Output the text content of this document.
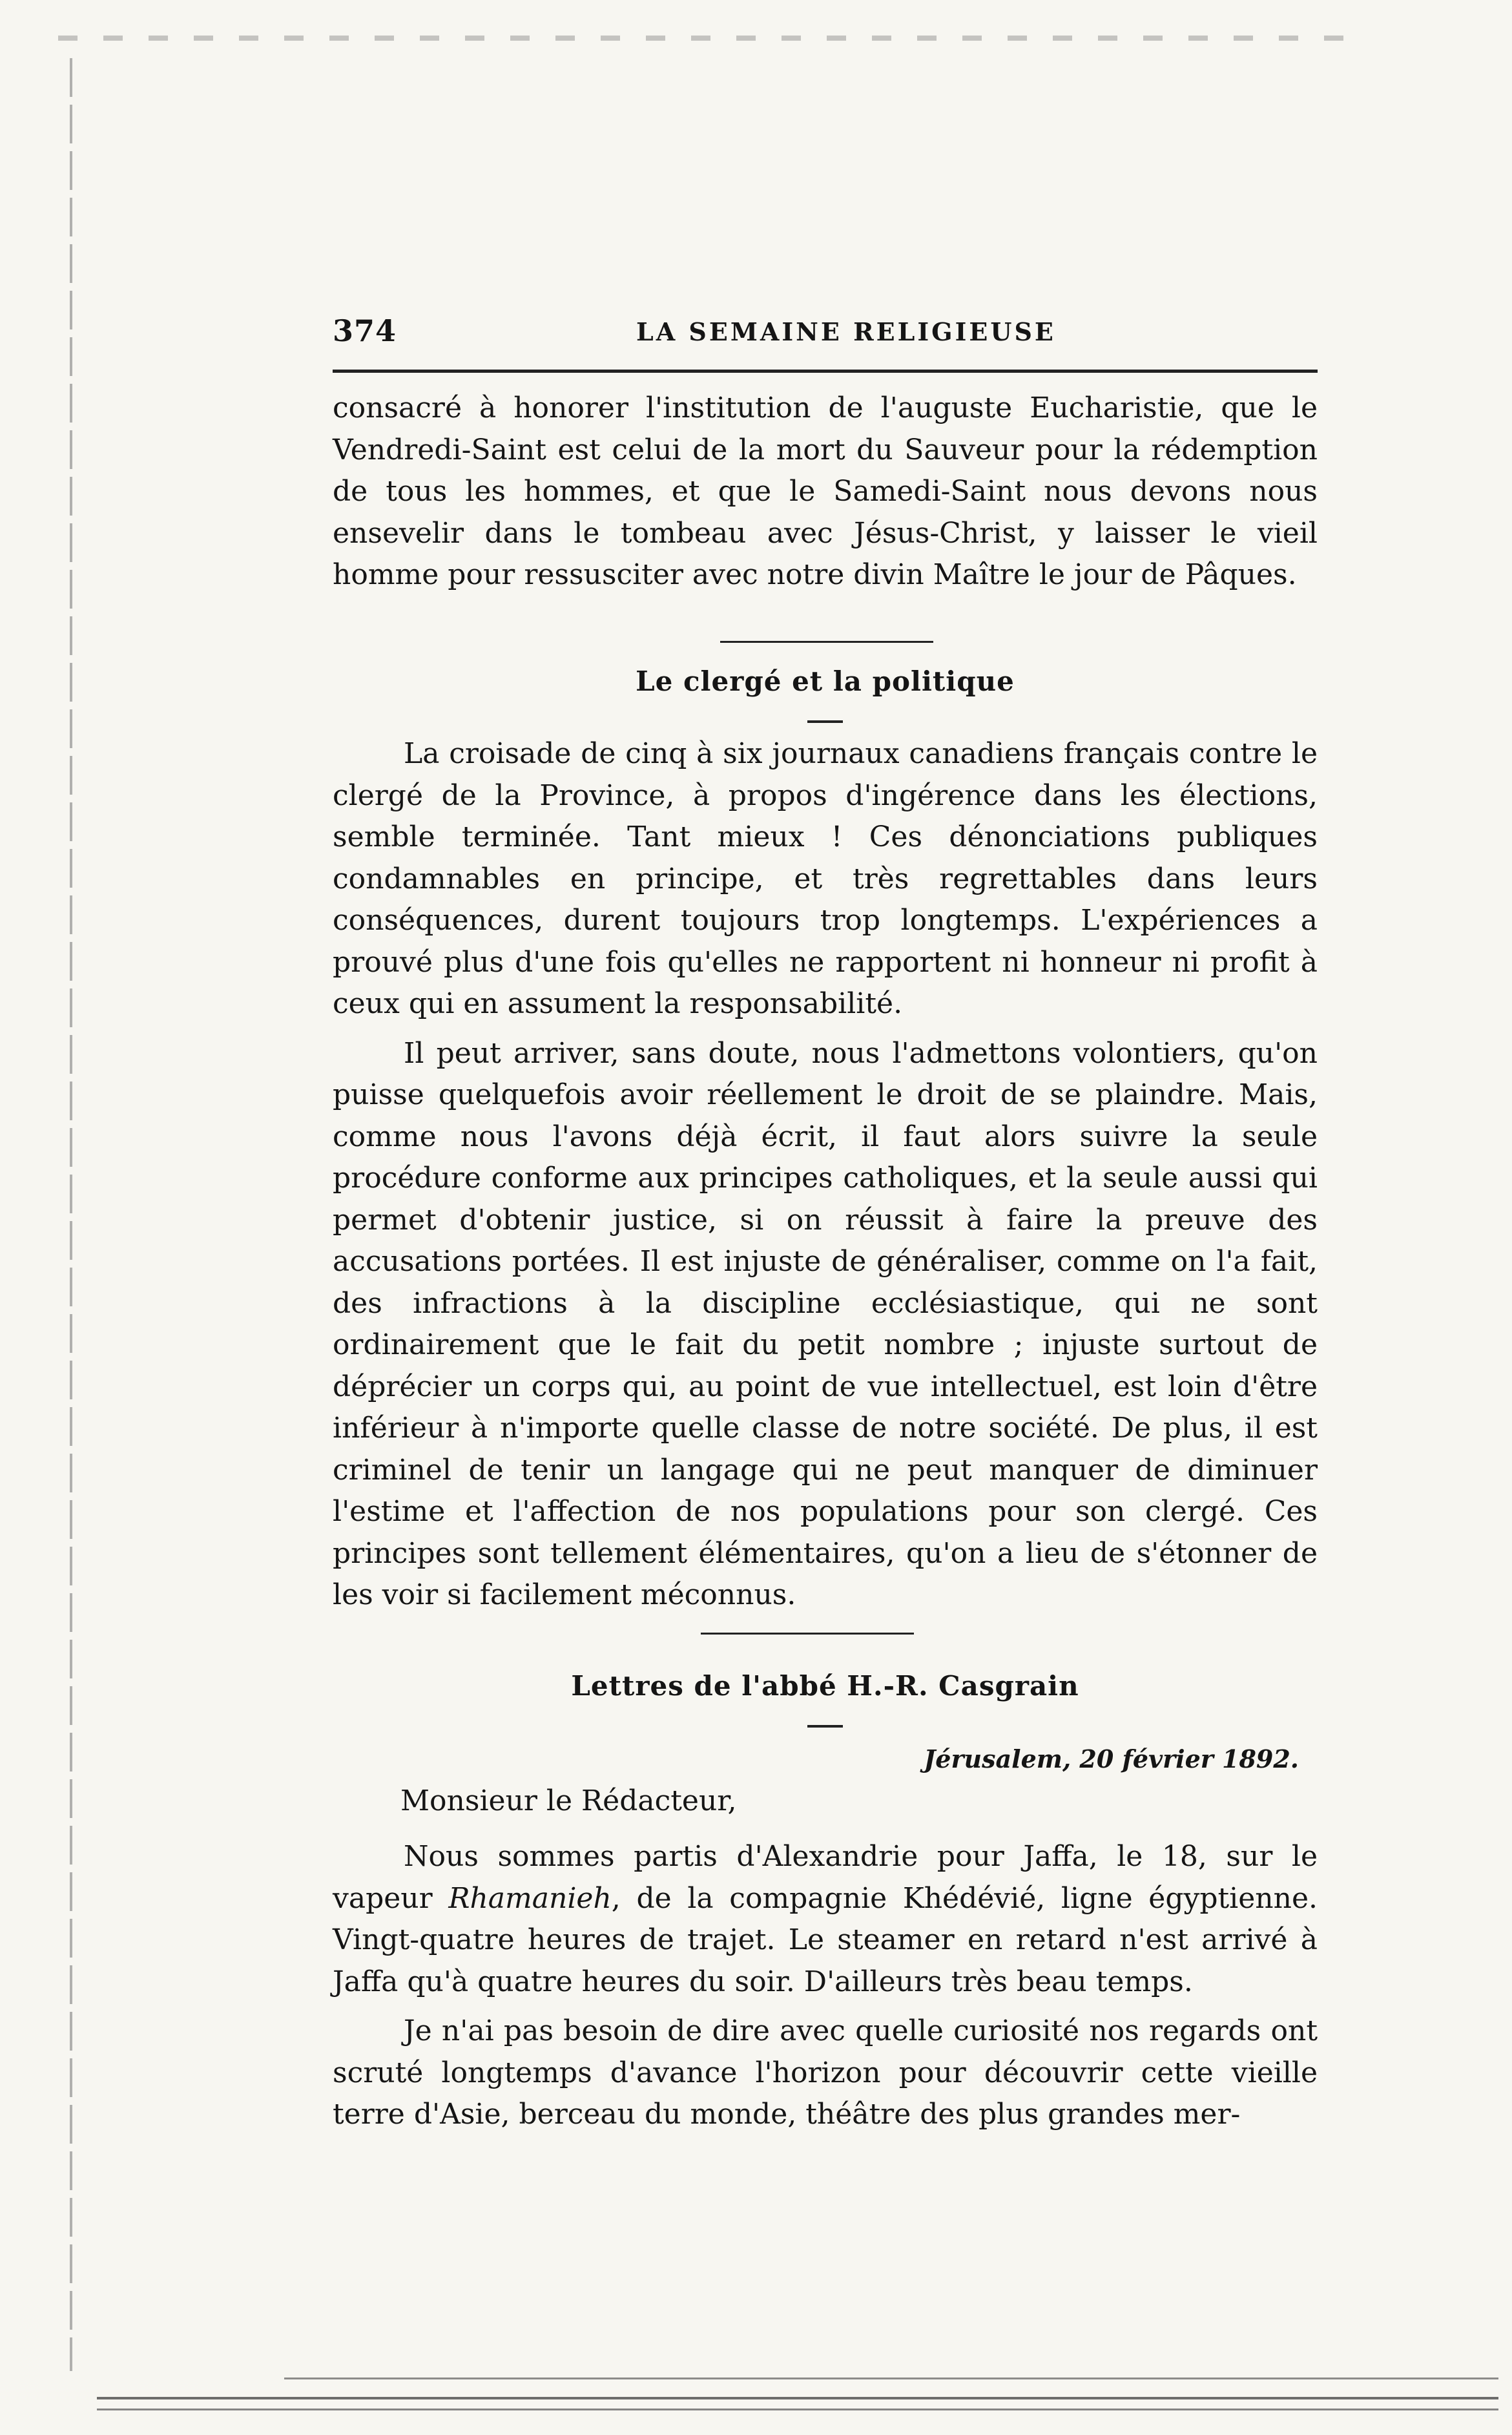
374	LA SEMAINE RELIGIEUSE

consacré à honorer l'institution de l'auguste Eucharistie, que le Vendredi-Saint est celui de la mort du Sauveur pour la rédemption de tous les hommes, et que le Samedi-Saint nous devons nous ensevelir dans le tombeau avec Jésus-Christ, y laisser le vieil homme pour ressusciter avec notre divin Maître le jour de Pâques.

Le clergé et la politique

La croisade de cinq à six journaux canadiens français contre le clergé de la Province, à propos d'ingérence dans les élections, semble terminée. Tant mieux ! Ces dénonciations publiques condamnables en principe, et très regrettables dans leurs conséquences, durent toujours trop longtemps. L'expériences a prouvé plus d'une fois qu'elles ne rapportent ni honneur ni profit à ceux qui en assument la responsabilité.

Il peut arriver, sans doute, nous l'admettons volontiers, qu'on puisse quelquefois avoir réellement le droit de se plaindre. Mais, comme nous l'avons déjà écrit, il faut alors suivre la seule procédure conforme aux principes catholiques, et la seule aussi qui permet d'obtenir justice, si on réussit à faire la preuve des accusations portées. Il est injuste de généraliser, comme on l'a fait, des infractions à la discipline ecclésiastique, qui ne sont ordinairement que le fait du petit nombre ; injuste surtout de déprécier un corps qui, au point de vue intellectuel, est loin d'être inférieur à n'importe quelle classe de notre société. De plus, il est criminel de tenir un langage qui ne peut manquer de diminuer l'estime et l'affection de nos populations pour son clergé. Ces principes sont tellement élémentaires, qu'on a lieu de s'étonner de les voir si facilement méconnus.

Lettres de l'abbé H.-R. Casgrain
Jérusalem, 20 février 1892.
Monsieur le Rédacteur,

Nous sommes partis d'Alexandrie pour Jaffa, le 18, sur le vapeur Rhamanieh, de la compagnie Khédévié, ligne égyptienne. Vingt-quatre heures de trajet. Le steamer en retard n'est arrivé à Jaffa qu'à quatre heures du soir. D'ailleurs très beau temps.

Je n'ai pas besoin de dire avec quelle curiosité nos regards ont scruté longtemps d'avance l'horizon pour découvrir cette vieille terre d'Asie, berceau du monde, théâtre des plus grandes mer-
